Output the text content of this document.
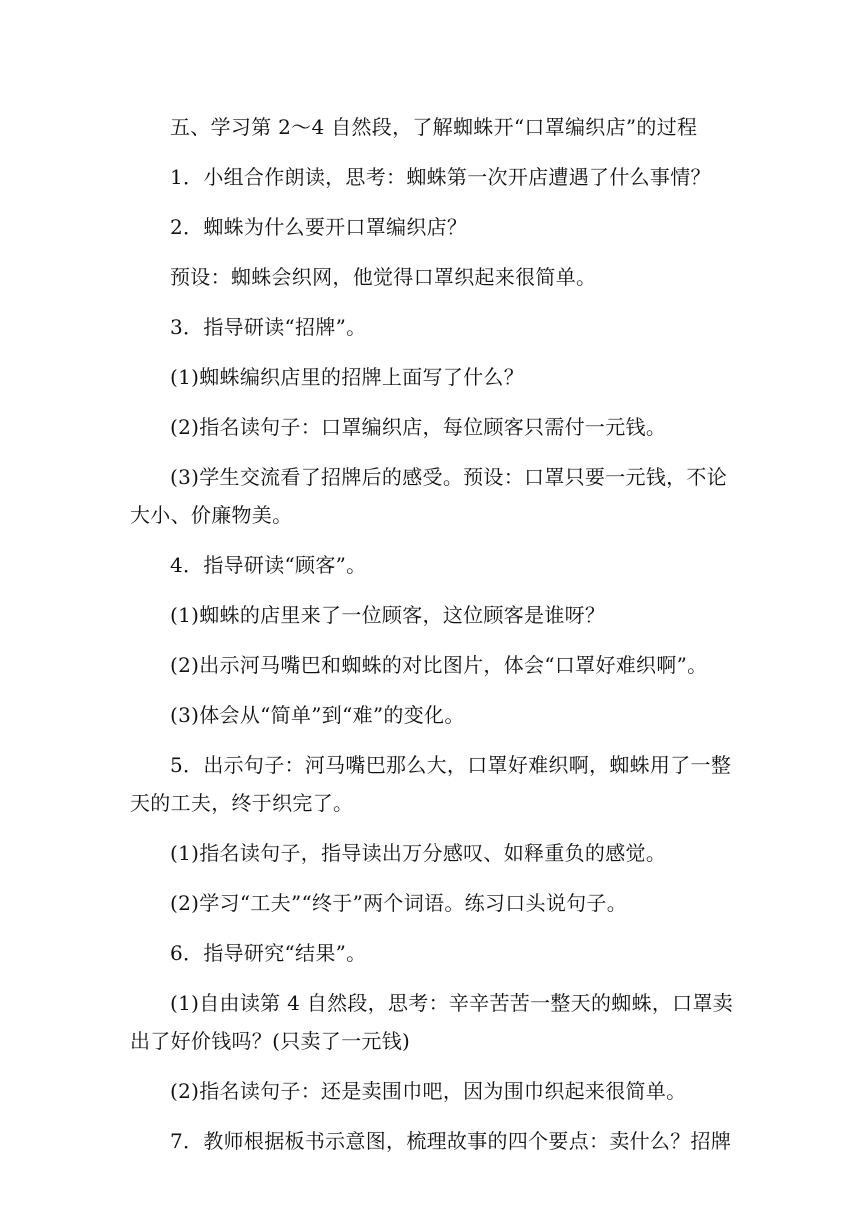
五、学习第 2～4 自然段，了解蜘蛛开“口罩编织店”的过程

1．小组合作朗读，思考：蜘蛛第一次开店遭遇了什么事情？

2．蜘蛛为什么要开口罩编织店？

预设：蜘蛛会织网，他觉得口罩织起来很简单。

3．指导研读“招牌”。

(1)蜘蛛编织店里的招牌上面写了什么？

(2)指名读句子：口罩编织店，每位顾客只需付一元钱。

(3)学生交流看了招牌后的感受。预设：口罩只要一元钱，不论大小、价廉物美。

4．指导研读“顾客”。

(1)蜘蛛的店里来了一位顾客，这位顾客是谁呀？

(2)出示河马嘴巴和蜘蛛的对比图片，体会“口罩好难织啊”。

(3)体会从“简单”到“难”的变化。

5．出示句子：河马嘴巴那么大，口罩好难织啊，蜘蛛用了一整天的工夫，终于织完了。

(1)指名读句子，指导读出万分感叹、如释重负的感觉。

(2)学习“工夫”“终于”两个词语。练习口头说句子。

6．指导研究“结果”。

(1)自由读第 4 自然段，思考：辛辛苦苦一整天的蜘蛛，口罩卖出了好价钱吗？(只卖了一元钱)

(2)指名读句子：还是卖围巾吧，因为围巾织起来很简单。

7．教师根据板书示意图，梳理故事的四个要点：卖什么？招牌
